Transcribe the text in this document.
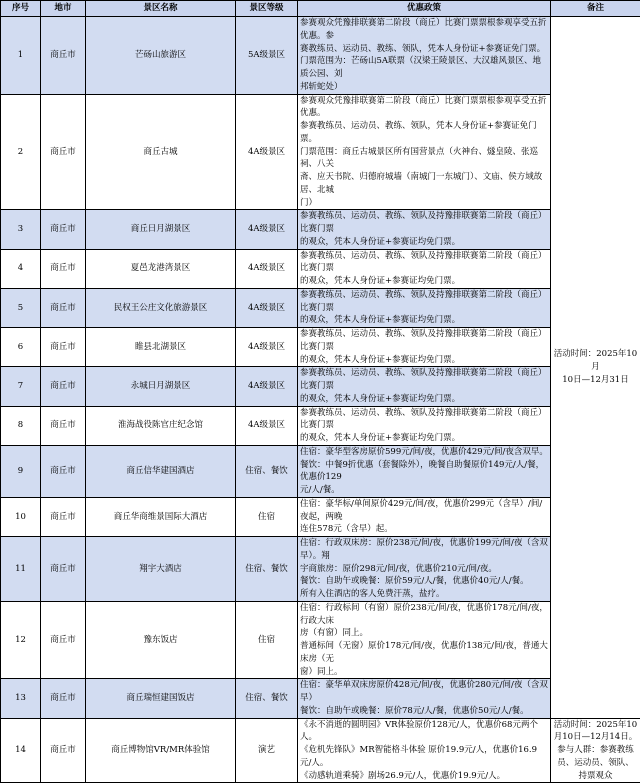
序号	地市	景区名称	景区等级	优惠政策	备注
1	商丘市	芒砀山旅游区	5A级景区	参赛观众凭豫排联赛第二阶段（商丘）比赛门票票根参观享受五折优惠。参
赛教练员、运动员、教练、领队，凭本人身份证+参赛证免门票。
门票范围为：芒砀山5A联票（汉梁王陵景区、大汉雄风景区、地质公园、刘
邦斩蛇处）	活动时间：2025年10月
10日—12月31日

2	商丘市	商丘古城	4A级景区	参赛观众凭豫排联赛第二阶段（商丘）比赛门票票根参观享受五折优惠。
参赛教练员、运动员、教练、领队，凭本人身份证+参赛证免门票。
门票范围：商丘古城景区所有国营景点（火神台、燧皇陵、张巡祠、八关
斋、应天书院、归德府城墙（南城门一东城门）、文庙、侯方域故居、北城
门）	

3	商丘市	商丘日月湖景区	4A级景区	参赛教练员、运动员、教练、领队及持豫排联赛第二阶段（商丘）比赛门票
的观众，凭本人身份证+参赛证均免门票。	

4	商丘市	夏邑龙港湾景区	4A级景区	参赛教练员、运动员、教练、领队及持豫排联赛第二阶段（商丘）比赛门票
的观众，凭本人身份证+参赛证均免门票。	

5	商丘市	民权王公庄文化旅游景区	4A级景区	参赛教练员、运动员、教练、领队及持豫排联赛第二阶段（商丘）比赛门票
的观众，凭本人身份证+参赛证均免门票。	

6	商丘市	睢县北湖景区	4A级景区	参赛教练员、运动员、教练、领队及持豫排联赛第二阶段（商丘）比赛门票
的观众，凭本人身份证+参赛证均免门票。	

7	商丘市	永城日月湖景区	4A级景区	参赛教练员、运动员、教练、领队及持豫排联赛第二阶段（商丘）比赛门票
的观众，凭本人身份证+参赛证均免门票。	

8	商丘市	淮海战役陈官庄纪念馆	4A级景区	参赛教练员、运动员、教练、领队及持豫排联赛第二阶段（商丘）比赛门票
的观众，凭本人身份证+参赛证均免门票。	

9	商丘市	商丘信华建国酒店	住宿、餐饮	住宿：豪华型客房原价599元/间/夜，优惠价429元/间/夜含双早。
餐饮：中餐9折优惠（套餐除外），晚餐自助餐原价149元/人/餐，优惠价129
元/人/餐。	

10	商丘市	商丘华商维景国际大酒店	住宿	住宿：豪华标/单间原价429元/间/夜，优惠价299元（含早）/间/夜起，两晚
连住578元（含早）起。	

11	商丘市	翔宇大酒店	住宿、餐饮	住宿：行政双床房：原价238元/间/夜，优惠价199元/间/夜（含双早）。翔
宇商旅房：原价298元/间/夜，优惠价210元/间/夜。
餐饮：自助午或晚餐：原价59元/人/餐，优惠价40元/人/餐。
所有入住酒店的客人免费汗蒸，盐疗。	

12	商丘市	豫东饭店	住宿	住宿：行政标间（有窗）原价238元/间/夜，优惠价178元/间/夜，行政大床
房（有窗）同上。
普通标间（无窗）原价178元/间/夜，优惠价138元/间/夜，普通大床房（无
窗）同上。	

13	商丘市	商丘瑞恒建国饭店	住宿、餐饮	住宿：豪华单双床房原价428元/间/夜，优惠价280元/间/夜（含双早）
餐饮：自助午或晚餐：原价78元/人/餐，优惠价50元/人/餐。	

14	商丘市	商丘博物馆VR/MR体验馆	演艺	《永不消逝的圆明园》VR体验原价128元/人，优惠价68元两个人。
《危机先锋队》MR智能格斗体验 原价19.9元/人，优惠价16.9元/人。
《动感轨道乘骑》剧场26.9元/人，优惠价19.9元/人。	活动时间：2025年10
月10日—12月14日。
参与人群：参赛教练
员、运动员、领队、
持票观众
